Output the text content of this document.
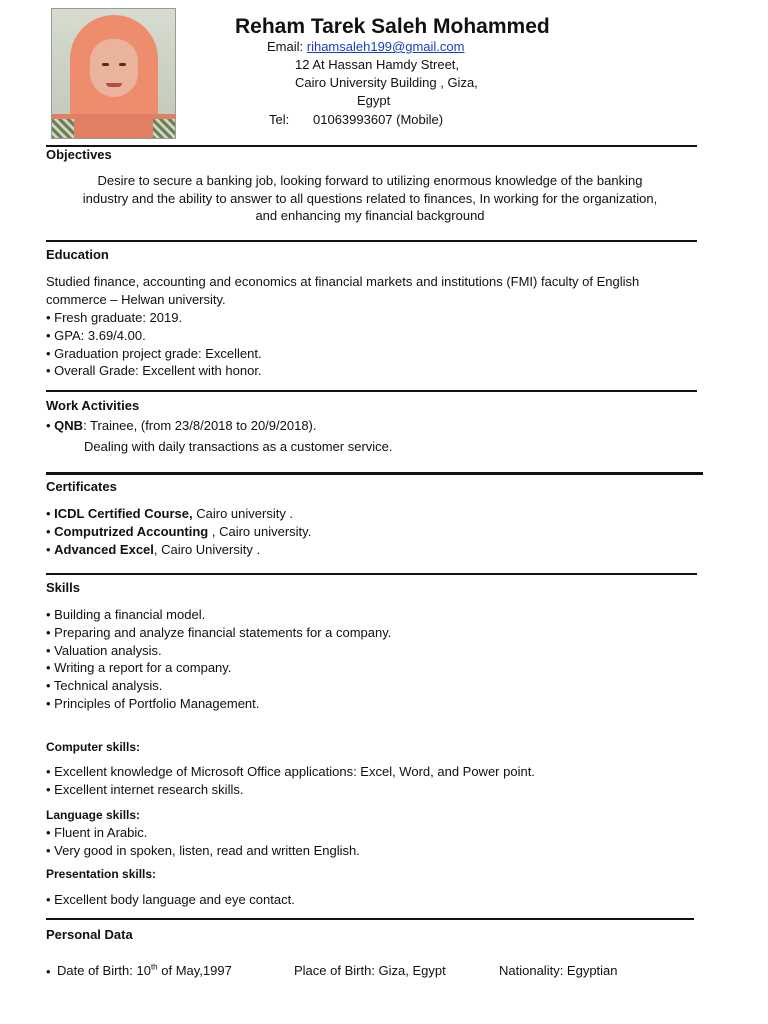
Reham Tarek Saleh Mohammed
Email: rihamsaleh199@gmail.com
12 At Hassan Hamdy Street,
Cairo University Building , Giza,
Egypt
Tel: 01063993607 (Mobile)
Objectives
Desire to secure a banking job, looking forward to utilizing enormous knowledge of the banking
industry and the ability to answer to all questions related to finances, In working for the organization,
and enhancing my financial background
Education
Studied finance, accounting and economics at financial markets and institutions (FMI) faculty of English
commerce – Helwan university.
• Fresh graduate: 2019.
• GPA: 3.69/4.00.
• Graduation project grade: Excellent.
• Overall Grade: Excellent with honor.
Work Activities
• QNB: Trainee, (from 23/8/2018 to 20/9/2018).
Dealing with daily transactions as a customer service.
Certificates
• ICDL Certified Course, Cairo university .
• Computrized Accounting , Cairo university.
• Advanced Excel, Cairo University .
Skills
• Building a financial model.
• Preparing and analyze financial statements for a company.
• Valuation analysis.
• Writing a report for a company.
• Technical analysis.
• Principles of Portfolio Management.
Computer skills:
• Excellent knowledge of Microsoft Office applications: Excel, Word, and Power point.
• Excellent internet research skills.
Language skills:
• Fluent in Arabic.
• Very good in spoken, listen, read and written English.
Presentation skills:
• Excellent body language and eye contact.
Personal Data
• Date of Birth: 10th of May,1997	Place of Birth: Giza, Egypt	Nationality: Egyptian
